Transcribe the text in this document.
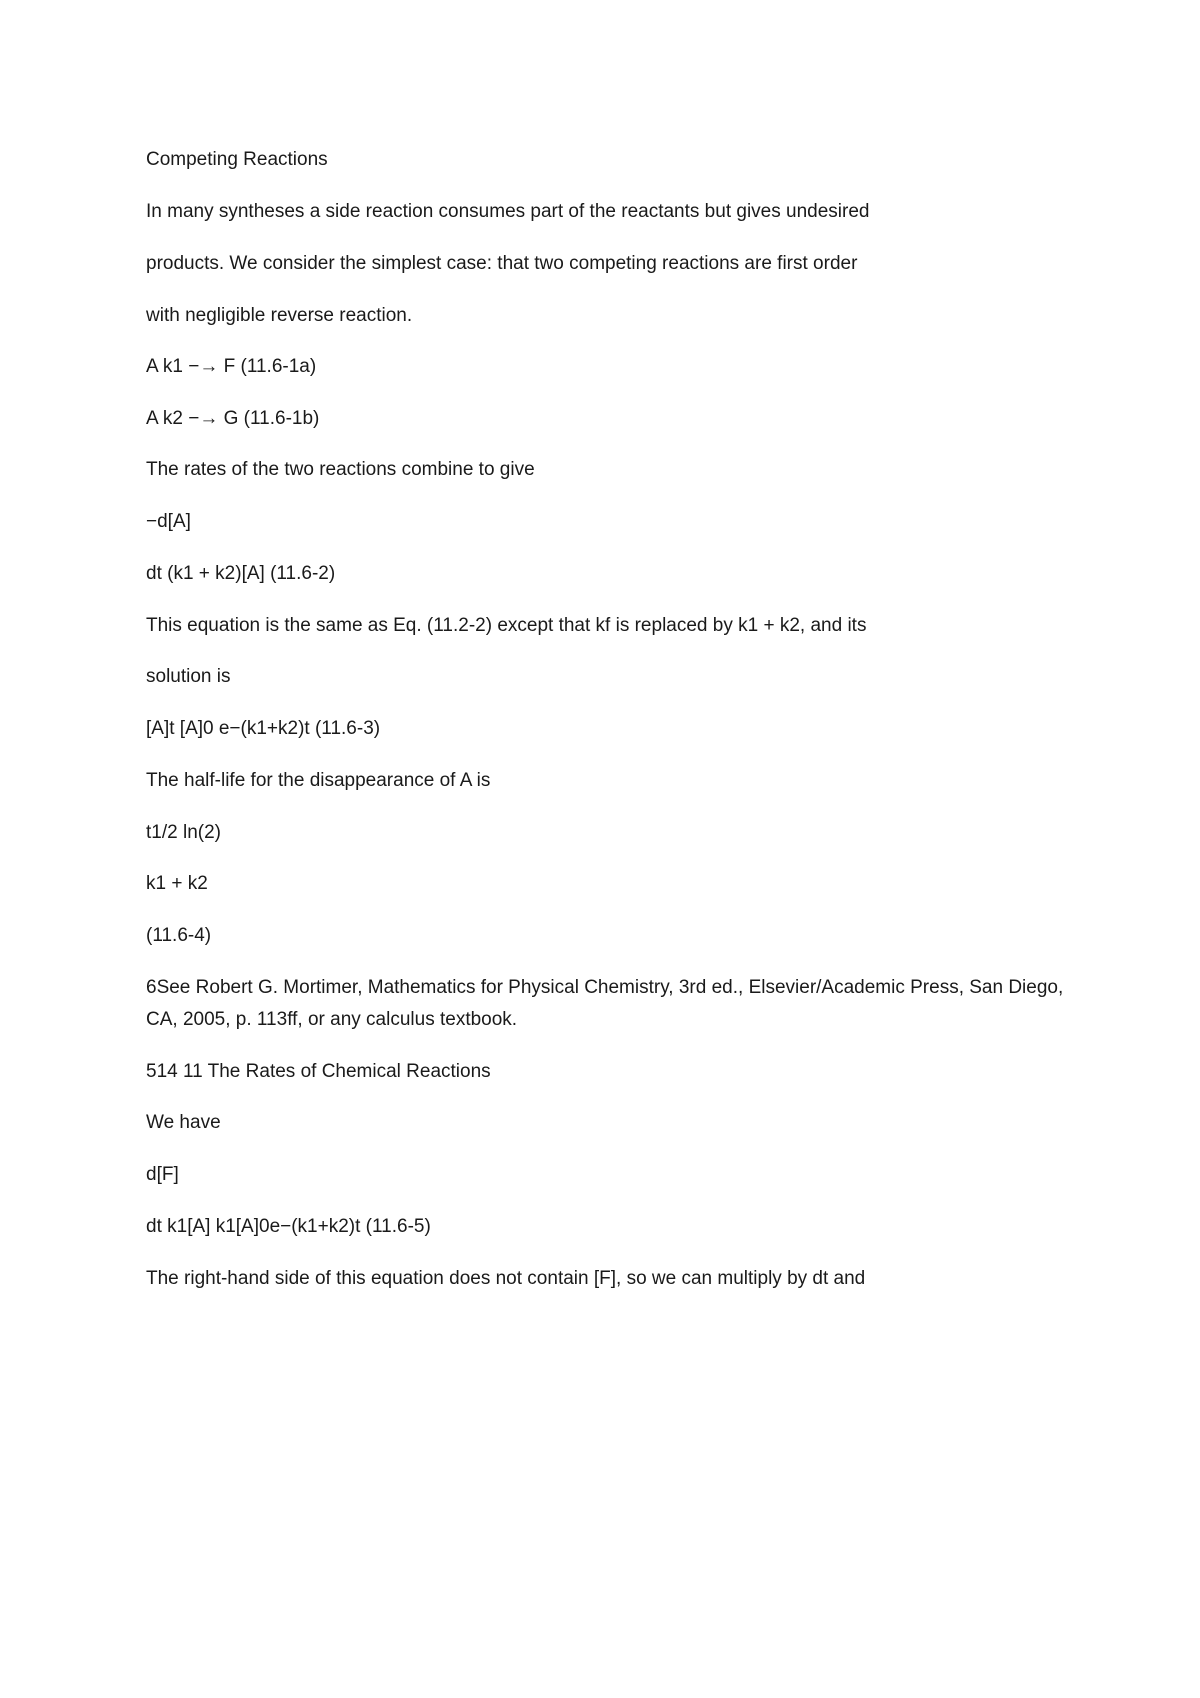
Competing Reactions

In many syntheses a side reaction consumes part of the reactants but gives undesired

products. We consider the simplest case: that two competing reactions are first order

with negligible reverse reaction.

A k1 −→ F (11.6-1a)

A k2 −→ G (11.6-1b)

The rates of the two reactions combine to give

−d[A]

dt (k1 + k2)[A] (11.6-2)

This equation is the same as Eq. (11.2-2) except that kf is replaced by k1 + k2, and its

solution is

[A]t [A]0 e−(k1+k2)t (11.6-3)

The half-life for the disappearance of A is

t1/2 ln(2)

k1 + k2

(11.6-4)

6See Robert G. Mortimer, Mathematics for Physical Chemistry, 3rd ed., Elsevier/Academic Press, San Diego, CA, 2005, p. 113ff, or any calculus textbook.

514 11 The Rates of Chemical Reactions

We have

d[F]

dt k1[A] k1[A]0e−(k1+k2)t (11.6-5)

The right-hand side of this equation does not contain [F], so we can multiply by dt and
